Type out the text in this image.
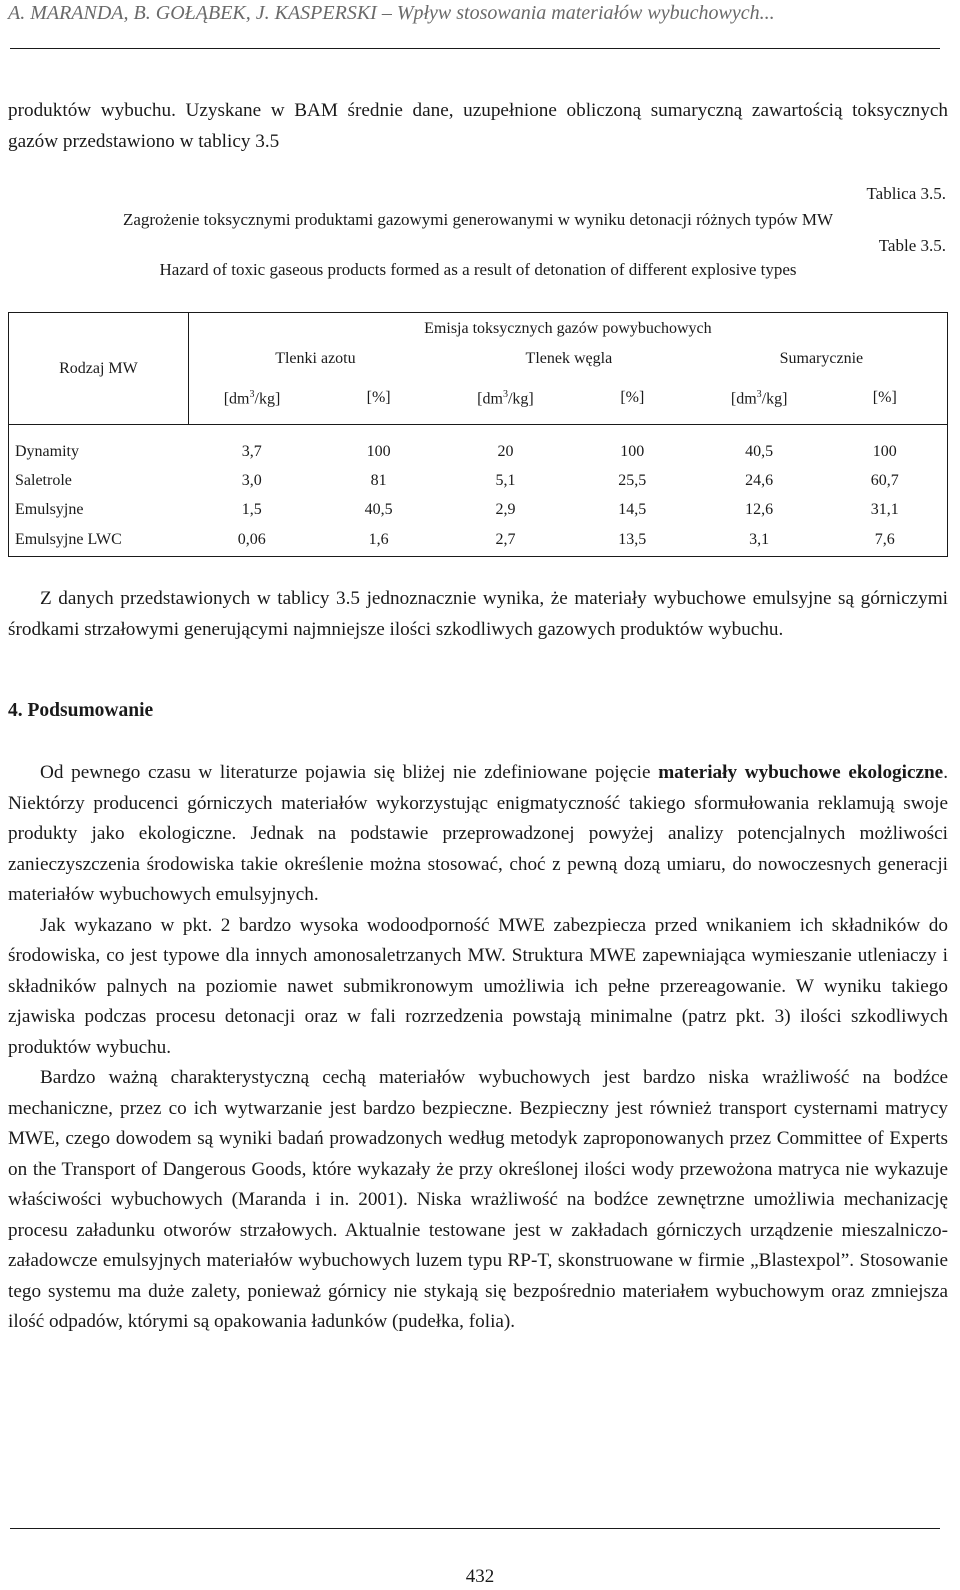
A. MARANDA, B. GOŁĄBEK, J. KASPERSKI – Wpływ stosowania materiałów wybuchowych...

produktów wybuchu. Uzyskane w BAM średnie dane, uzupełnione obliczoną sumaryczną zawartością toksycznych gazów przedstawiono w tablicy 3.5

Tablica 3.5.
Zagrożenie toksycznymi produktami gazowymi generowanymi w wyniku detonacji różnych typów MW
Table 3.5.
Hazard of toxic gaseous products formed as a result of detonation of different explosive types
Rodzaj MW	Emisja toksycznych gazów powybuchowych					
	Tlenki azotu		Tlenek węgla		Sumarycznie	
	$[dm^3/kg]$	[%]	$[dm^3/kg]$	[%]	$[dm^3/kg]$	[%]

Dynamity	3,7	100	20	100	40,5	100
Saletrole	3,0	81	5,1	25,5	24,6	60,7
Emulsyjne	1,5	40,5	2,9	14,5	12,6	31,1
Emulsyjne LWC	0,06	1,6	2,7	13,5	3,1	7,6

Z danych przedstawionych w tablicy 3.5 jednoznacznie wynika, że materiały wybuchowe emulsyjne są górniczymi środkami strzałowymi generującymi najmniejsze ilości szkodliwych gazowych produktów wybuchu.

4. Podsumowanie

Od pewnego czasu w literaturze pojawia się bliżej nie zdefiniowane pojęcie materiały wybuchowe ekologiczne. Niektórzy producenci górniczych materiałów wykorzystując enigmatyczność takiego sformułowania reklamują swoje produkty jako ekologiczne. Jednak na podstawie przeprowadzonej powyżej analizy potencjalnych możliwości zanieczyszczenia środowiska takie określenie można stosować, choć z pewną dozą umiaru, do nowoczesnych generacji materiałów wybuchowych emulsyjnych.

Jak wykazano w pkt. 2 bardzo wysoka wodoodporność MWE zabezpiecza przed wnikaniem ich składników do środowiska, co jest typowe dla innych amonosaletrzanych MW. Struktura MWE zapewniająca wymieszanie utleniaczy i składników palnych na poziomie nawet submikronowym umożliwia ich pełne przereagowanie. W wyniku takiego zjawiska podczas procesu detonacji oraz w fali rozrzedzenia powstają minimalne (patrz pkt. 3) ilości szkodliwych produktów wybuchu.

Bardzo ważną charakterystyczną cechą materiałów wybuchowych jest bardzo niska wrażliwość na bodźce mechaniczne, przez co ich wytwarzanie jest bardzo bezpieczne. Bezpieczny jest również transport cysternami matrycy MWE, czego dowodem są wyniki badań prowadzonych według metodyk zaproponowanych przez Committee of Experts on the Transport of Dangerous Goods, które wykazały że przy określonej ilości wody przewożona matryca nie wykazuje właściwości wybuchowych (Maranda i in. 2001). Niska wrażliwość na bodźce zewnętrzne umożliwia mechanizację procesu załadunku otworów strzałowych. Aktualnie testowane jest w zakładach górniczych urządzenie mieszalniczo-załadowcze emulsyjnych materiałów wybuchowych luzem typu RP-T, skonstruowane w firmie „Blastexpol”. Stosowanie tego systemu ma duże zalety, ponieważ górnicy nie stykają się bezpośrednio materiałem wybuchowym oraz zmniejsza ilość odpadów, którymi są opakowania ładunków (pudełka, folia).

432
